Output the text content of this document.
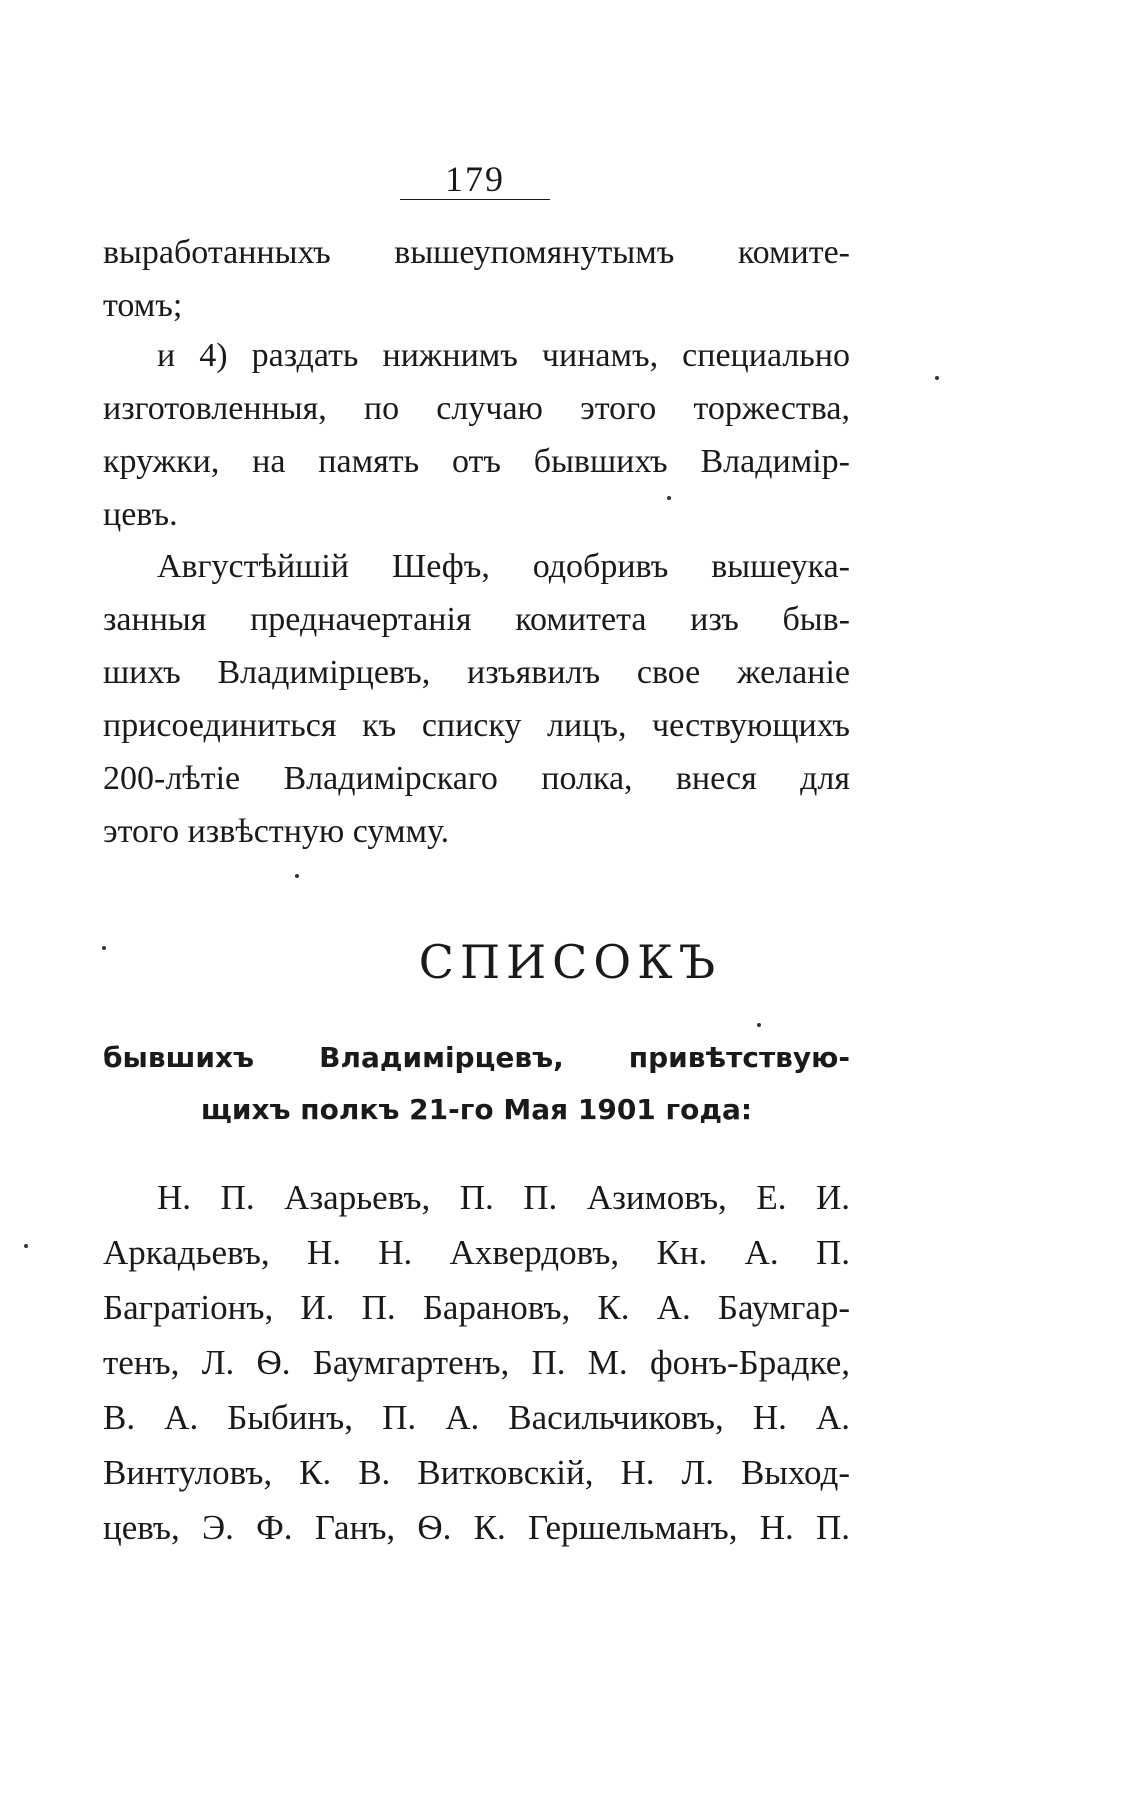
179
выработанныхъ вышеупомянутымъ комите-
томъ;
и 4) раздать нижнимъ чинамъ, специально
изготовленныя, по случаю этого торжества,
кружки, на память отъ бывшихъ Владимiр-
цевъ.
Августѣйшiй Шефъ, одобривъ вышеука-
занныя предначертанiя комитета изъ быв-
шихъ Владимiрцевъ, изъявилъ свое желанiе
присоединиться къ списку лицъ, чествующихъ
200-лѣтiе Владимiрскаго полка, внеся для
этого извѣстную сумму.
СПИСОКЪ
бывшихъ Владимiрцевъ, привѣтствую-
щихъ полкъ 21-го Мая 1901 года:
Н. П. Азарьевъ, П. П. Азимовъ, Е. И.
Аркадьевъ, Н. Н. Ахвердовъ, Кн. А. П.
Багратiонъ, И. П. Барановъ, К. А. Баумгар-
тенъ, Л. Ѳ. Баумгартенъ, П. М. фонъ-Брадке,
В. А. Быбинъ, П. А. Васильчиковъ, Н. А.
Винтуловъ, К. В. Витковскiй, Н. Л. Выход-
цевъ, Э. Ф. Ганъ, Ѳ. К. Гершельманъ, Н. П.
